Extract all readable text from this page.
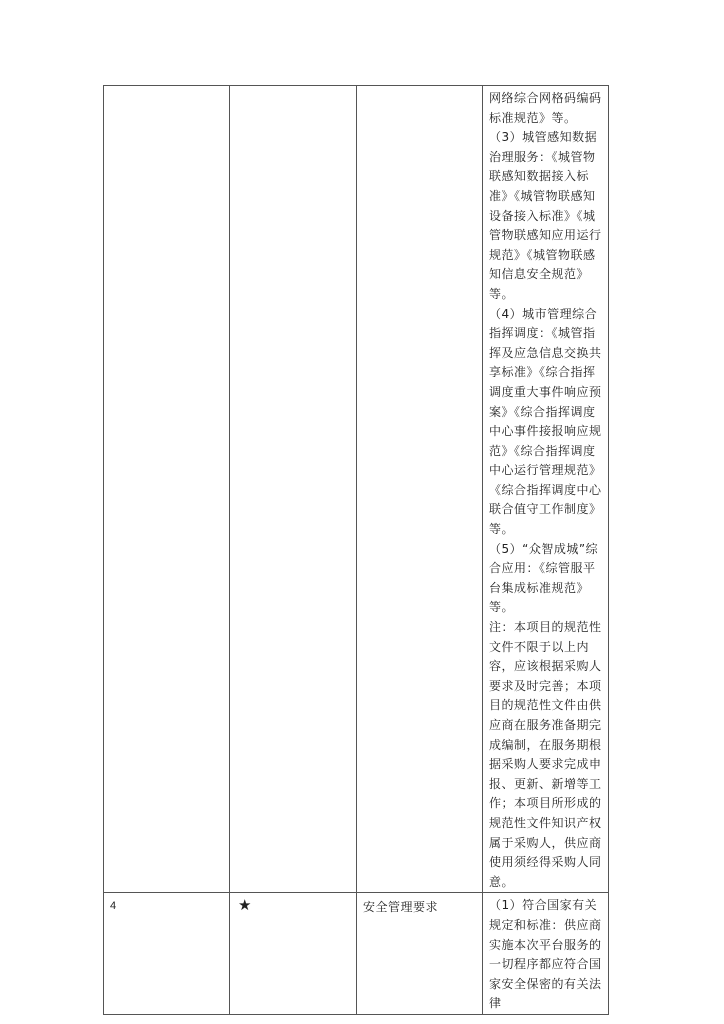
			网络综合网格码编码标准规范》等。
（3）城管感知数据治理服务：《城管物联感知数据接入标准》《城管物联感知设备接入标准》《城管物联感知应用运行规范》《城管物联感知信息安全规范》等。
（4）城市管理综合指挥调度：《城管指挥及应急信息交换共享标准》《综合指挥调度重大事件响应预案》《综合指挥调度中心事件接报响应规范》《综合指挥调度中心运行管理规范》《综合指挥调度中心联合值守工作制度》等。
（5）“众智成城”综合应用：《综管服平台集成标准规范》等。
注：本项目的规范性文件不限于以上内容，应该根据采购人要求及时完善；本项目的规范性文件由供应商在服务准备期完成编制，在服务期根据采购人要求完成申报、更新、新增等工作；本项目所形成的规范性文件知识产权属于采购人，供应商使用须经得采购人同意。

4	★	安全管理要求	（1）符合国家有关规定和标准：供应商实施本次平台服务的一切程序都应符合国家安全保密的有关法律
